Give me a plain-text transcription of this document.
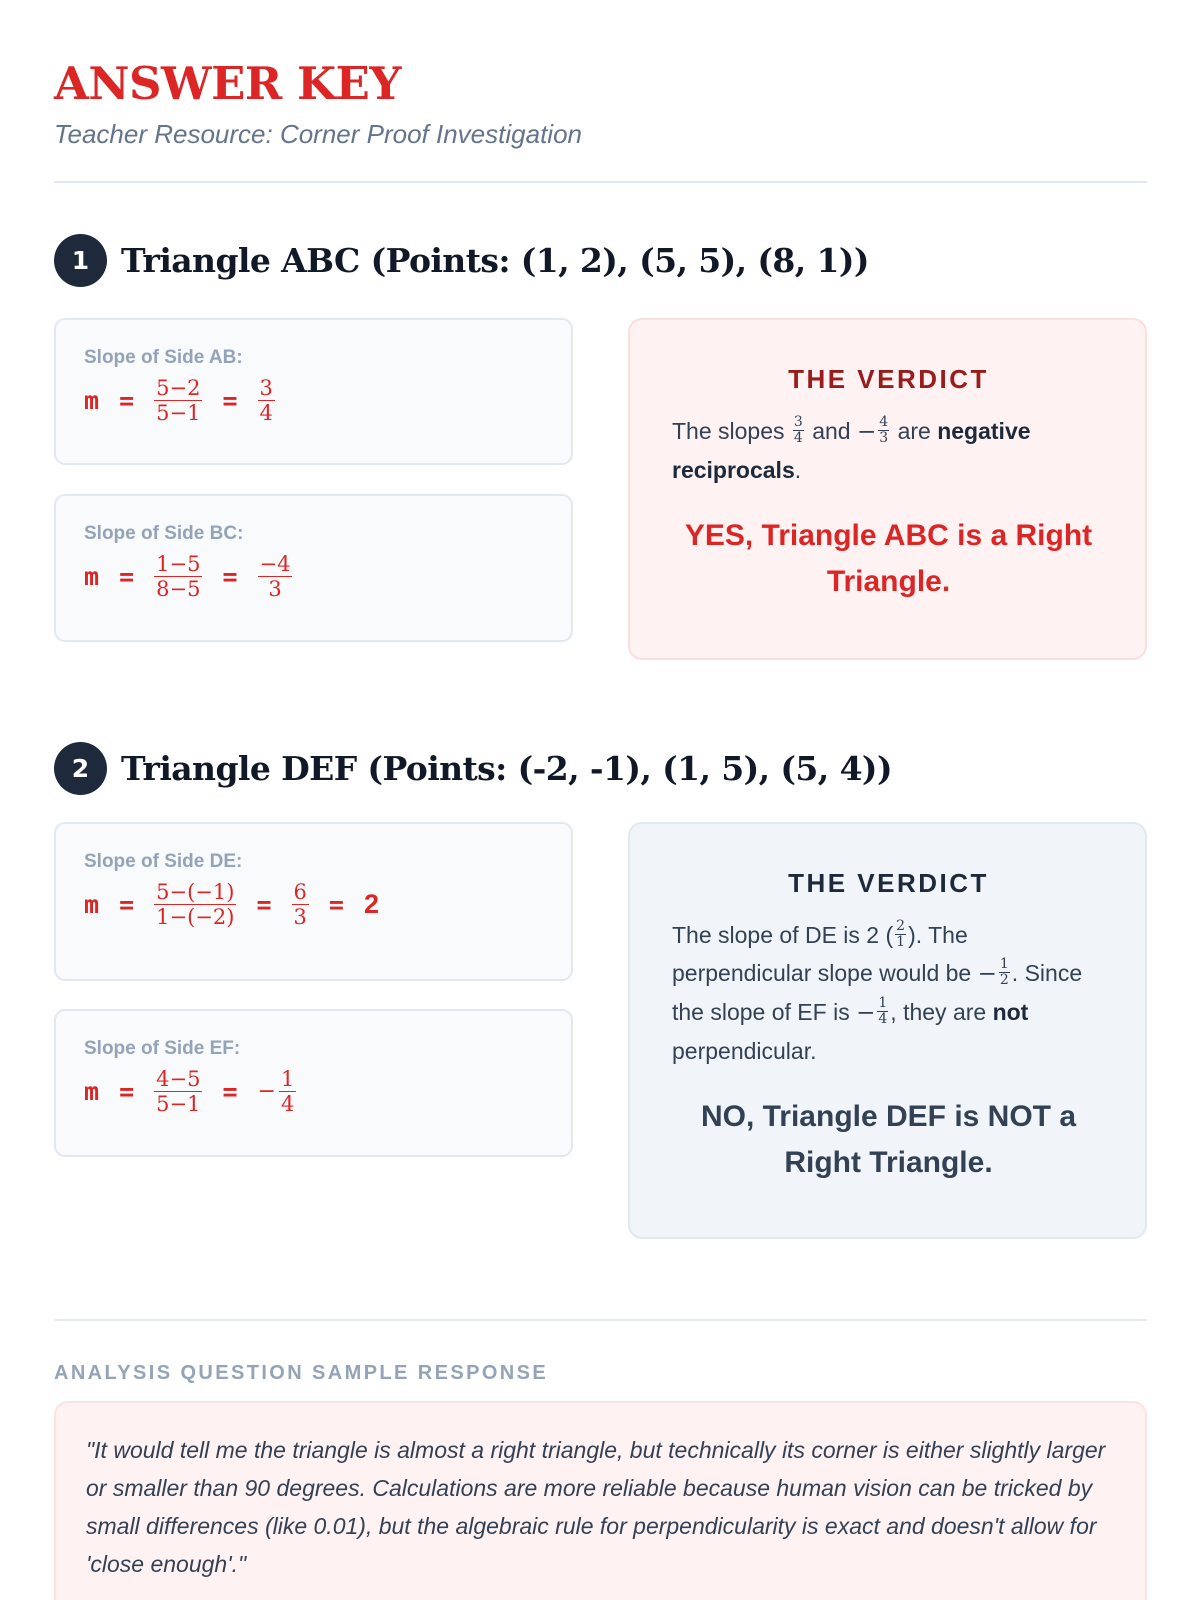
ANSWER KEY

Teacher Resource: Corner Proof Investigation

1 Triangle ABC (Points: (1, 2), (5, 5), (8, 1))
Slope of Side AB:
$m = \frac{5-2}{5-1} = \frac{3}{4}$
Slope of Side BC:
$m = \frac{1-5}{8-5} = \frac{-4}{3}$
THE VERDICT

The slopes $\frac{3}{4}$ and − $\frac{4}{3}$ are negative reciprocals.

YES, Triangle ABC is a Right Triangle.
2 Triangle DEF (Points: (-2, -1), (1, 5), (5, 4))
Slope of Side DE:
$m = \frac{5-(-1)}{1-(-2)} = \frac{6}{3} = 2$
Slope of Side EF:
$m = \frac{4-5}{5-1}$ = − $\frac{1}{4}$
THE VERDICT

The slope of DE is 2 ( $\frac{2}{1}$ ). The perpendicular slope would be − $\frac{1}{2}$ . Since the slope of EF is − $\frac{1}{4}$ , they are not perpendicular.

NO, Triangle DEF is NOT a Right Triangle.
ANALYSIS QUESTION SAMPLE RESPONSE

"It would tell me the triangle is almost a right triangle, but technically its corner is either slightly larger or smaller than 90 degrees. Calculations are more reliable because human vision can be tricked by small differences (like 0.01), but the algebraic rule for perpendicularity is exact and doesn't allow for 'close enough'."
